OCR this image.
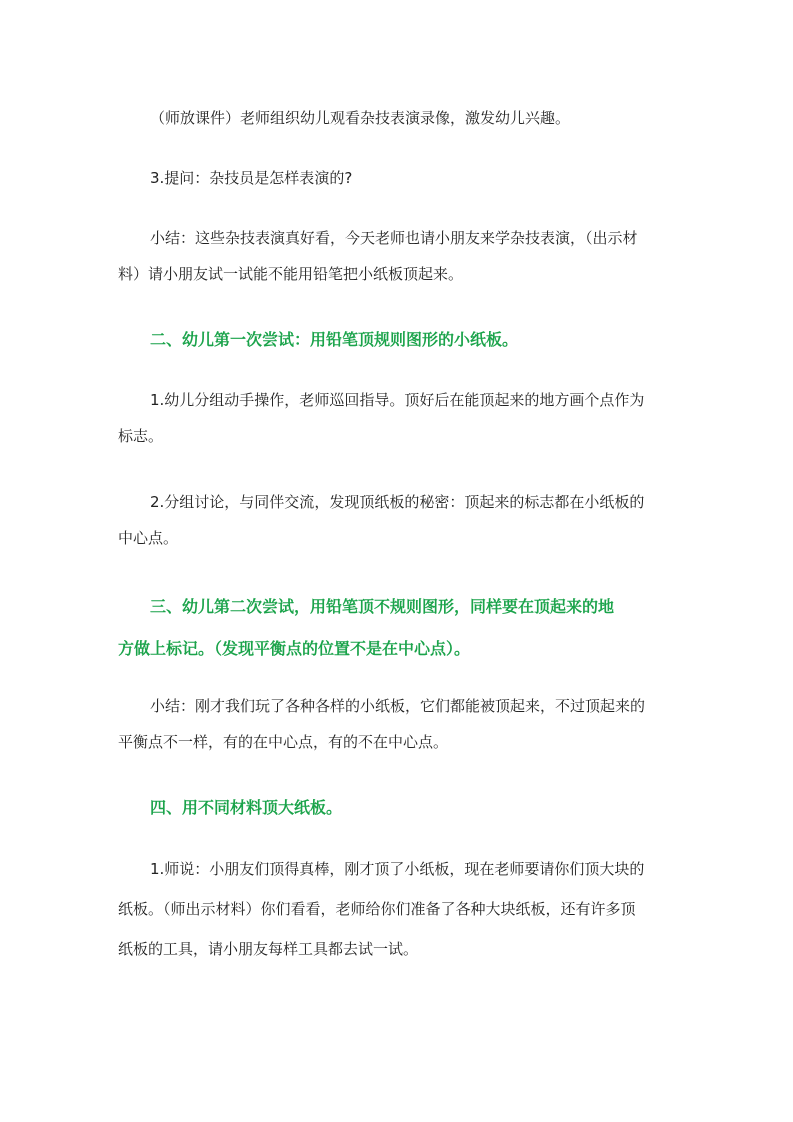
（师放课件）老师组织幼儿观看杂技表演录像，激发幼儿兴趣。

3.提问：杂技员是怎样表演的?

小结：这些杂技表演真好看，今天老师也请小朋友来学杂技表演，（出示材
料）请小朋友试一试能不能用铅笔把小纸板顶起来。

二、幼儿第一次尝试：用铅笔顶规则图形的小纸板。

1.幼儿分组动手操作，老师巡回指导。顶好后在能顶起来的地方画个点作为
标志。

2.分组讨论，与同伴交流，发现顶纸板的秘密：顶起来的标志都在小纸板的
中心点。

三、幼儿第二次尝试，用铅笔顶不规则图形，同样要在顶起来的地
方做上标记。（发现平衡点的位置不是在中心点）。

小结：刚才我们玩了各种各样的小纸板，它们都能被顶起来，不过顶起来的
平衡点不一样，有的在中心点，有的不在中心点。

四、用不同材料顶大纸板。

1.师说：小朋友们顶得真棒，刚才顶了小纸板，现在老师要请你们顶大块的
纸板。（师出示材料）你们看看，老师给你们准备了各种大块纸板，还有许多顶
纸板的工具，请小朋友每样工具都去试一试。
